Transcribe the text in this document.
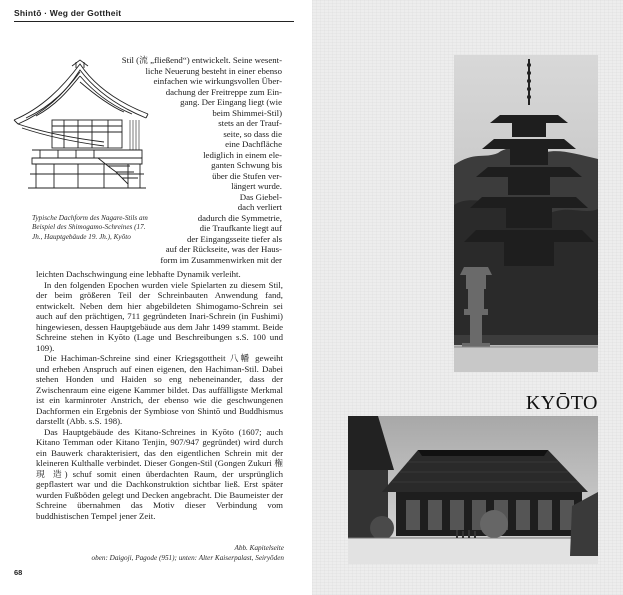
Shintō · Weg der Gottheit
Typische Dachform des Nagare-Stils am Beispiel des Shimogamo-Schreines (17. Jh., Hauptgebäude 19. Jh.), Kyōto
Stil (流 „fließend“) entwickelt. Seine wesent-
liche Neuerung besteht in einer ebenso
einfachen wie wirkungsvollen Über-
dachung der Freitreppe zum Ein-
gang. Der Eingang liegt (wie
beim Shimmei-Stil)
stets an der Trauf-
seite, so dass die
eine Dachfläche
lediglich in einem ele-
ganten Schwung bis
über die Stufen ver-
längert wurde.
Das Giebel-
dach verliert
dadurch die Symmetrie,
die Traufkante liegt auf
der Eingangsseite tiefer als
auf der Rückseite, was der Haus-
form im Zusammenwirken mit der

leichten Dachschwingung eine lebhafte Dynamik verleiht.

In den folgenden Epochen wurden viele Spielarten zu diesem Stil, der beim größeren Teil der Schreinbauten Anwendung fand, entwickelt. Neben dem hier abgebildeten Shimogamo-Schrein sei auch auf den prächtigen, 711 gegründeten Inari-Schrein (in Fushimi) hingewiesen, dessen Hauptgebäude aus dem Jahr 1499 stammt. Beide Schreine stehen in Kyōto (Lage und Beschreibungen s.S. 100 und 109).

Die Hachiman-Schreine sind einer Kriegsgottheit 八幡 geweiht und erheben Anspruch auf einen eigenen, den Hachiman-Stil. Dabei stehen Honden und Haiden so eng nebeneinander, dass der Zwischenraum eine eigene Kammer bildet. Das auffälligste Merkmal ist ein karminroter Anstrich, der ebenso wie die geschwungenen Dachformen ein Ergebnis der Symbiose von Shintō und Buddhismus darstellt (Abb. s.S. 198).

Das Hauptgebäude des Kitano-Schreines in Kyōto (1607; auch Kitano Temman oder Kitano Tenjin, 907/947 gegründet) wird durch ein Bauwerk charakterisiert, das den eigentlichen Schrein mit der kleineren Kulthalle verbindet. Dieser Gongen-Stil (Gongen Zukuri 権現 造) schuf somit einen überdachten Raum, der ursprünglich gepflastert war und die Dachkonstruktion sichtbar ließ. Erst später wurden Fußböden gelegt und Decken angebracht. Die Baumeister der Schreine übernahmen das Motiv dieser Verbindung vom buddhistischen Tempel jener Zeit.

Abb. Kapitelseite
oben: Daigoji, Pagode (951); unten: Alter Kaiserpalast, Seiryōden
68
KYŌTO
